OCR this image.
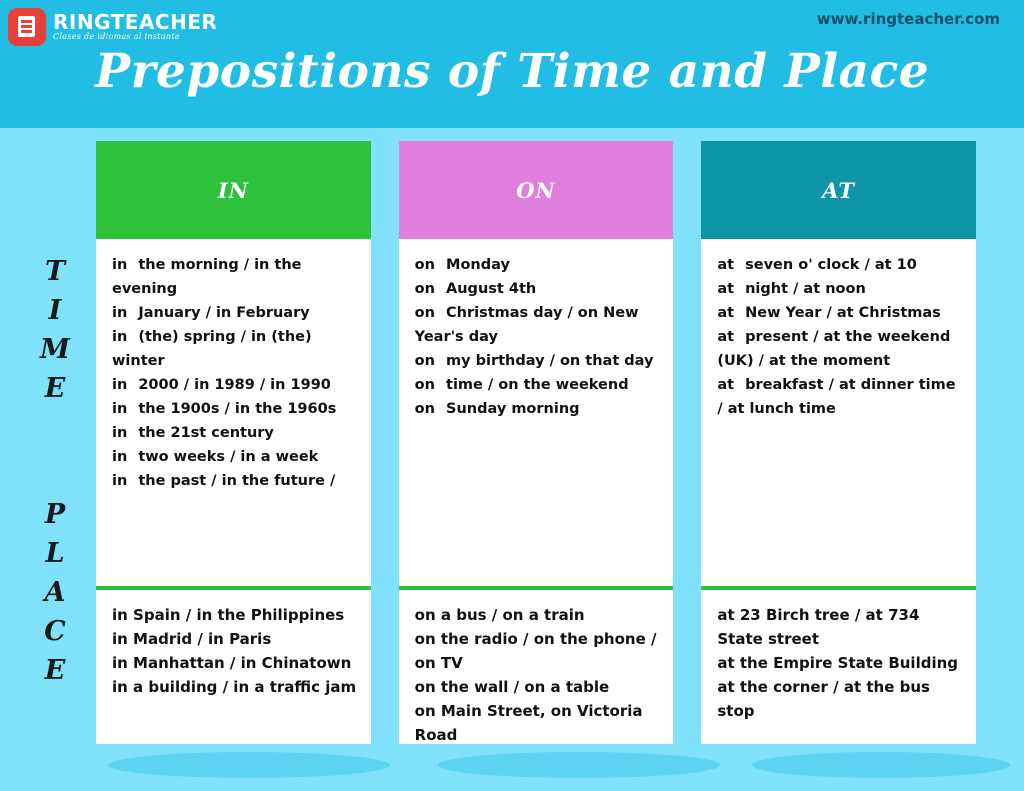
RINGTEACHER
Clases de idiomas al instante
www.ringteacher.com
Prepositions of Time and Place
T
I
M
E
P
L
A
C
E
IN
in the morning / in the evening
in January / in February
in (the) spring / in (the) winter
in 2000 / in 1989 / in 1990
in the 1900s / in the 1960s
in the 21st century
in two weeks / in a week
in the past / in the future /
in Spain / in the Philippines
in Madrid / in Paris
in Manhattan / in Chinatown
in a building / in a traffic jam
ON
on Monday
on August 4th
on Christmas day / on New Year's day
on my birthday / on that day
on time / on the weekend
on Sunday morning
on a bus / on a train
on the radio / on the phone / on TV
on the wall / on a table
on Main Street, on Victoria Road
AT
at seven o' clock / at 10
at night / at noon
at New Year / at Christmas
at present / at the weekend (UK) / at the moment
at breakfast / at dinner time / at lunch time
at 23 Birch tree / at 734 State street
at the Empire State Building
at the corner / at the bus stop
